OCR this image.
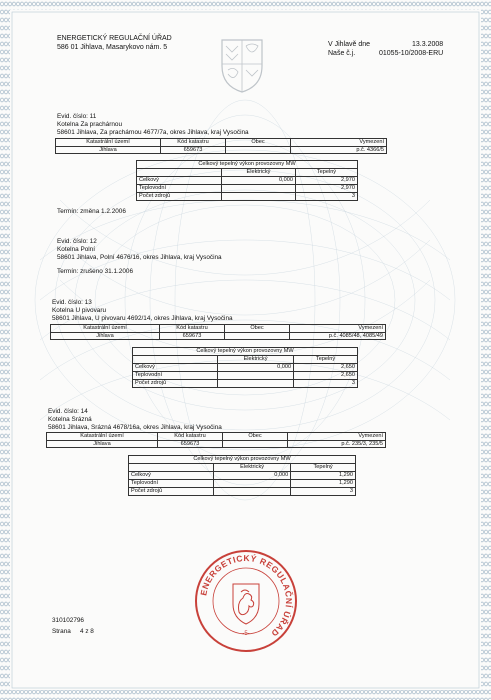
ENERGETICKÝ REGULAČNÍ ÚŘAD
586 01 Jihlava, Masarykovo nám. 5	V Jihlavě dne	13.3.2008
Naše č.j.	01055-10/2008-ERU
Evid. číslo: 11
Kotelna Za prachárnou
58601 Jihlava, Za prachárnou 4677/7a, okres Jihlava, kraj Vysočina
Katastrální území	Kód katastru	Obec	Vymezení
Jihlava	659673		p.č. 4366/5
Celkový tepelný výkon provozovny MW		
	Elektrický	Tepelný
Celkový	0,000	2,970
Teplovodní		2,970
Počet zdrojů		3
Termín: změna 1.2.2006
Evid. číslo: 12
Kotelna Polní
58601 Jihlava, Polní 4676/16, okres Jihlava, kraj Vysočina
Termín: zrušeno 31.1.2006
Evid. číslo: 13
Kotelna U pivovaru
58601 Jihlava, U pivovaru 4692/14, okres Jihlava, kraj Vysočina
Katastrální území	Kód katastru	Obec	Vymezení
Jihlava	659673		p.č. 4085/48, 4085/49
Celkový tepelný výkon provozovny MW		
	Elektrický	Tepelný
Celkový	0,000	2,650
Teplovodní		2,650
Počet zdrojů		3
Evid. číslo: 14
Kotelna Srázná
58601 Jihlava, Srázná 4678/16a, okres Jihlava, kraj Vysočina
Katastrální území	Kód katastru	Obec	Vymezení
Jihlava	659673		p.č. 235/3, 235/5
Celkový tepelný výkon provozovny MW		
	Elektrický	Tepelný
Celkový	0,000	1,290
Teplovodní		1,290
Počet zdrojů		3
ENERGETICKÝ REGULAČNÍ ÚŘAD
-5-
310102796
Strana 4 z 8
